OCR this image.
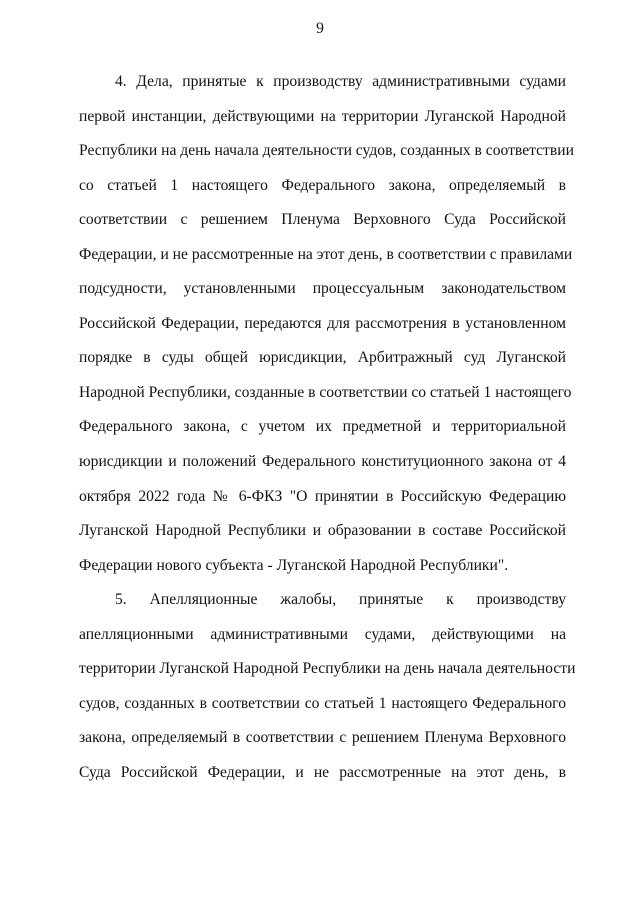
9
4. Дела, принятые к производству административными судами
первой инстанции, действующими на территории Луганской Народной
Республики на день начала деятельности судов, созданных в соответствии
со статьей 1 настоящего Федерального закона, определяемый в
соответствии с решением Пленума Верховного Суда Российской
Федерации, и не рассмотренные на этот день, в соответствии с правилами
подсудности, установленными процессуальным законодательством
Российской Федерации, передаются для рассмотрения в установленном
порядке в суды общей юрисдикции, Арбитражный суд Луганской
Народной Республики, созданные в соответствии со статьей 1 настоящего
Федерального закона, с учетом их предметной и территориальной
юрисдикции и положений Федерального конституционного закона от 4
октября 2022 года № 6-ФКЗ "О принятии в Российскую Федерацию
Луганской Народной Республики и образовании в составе Российской
Федерации нового субъекта - Луганской Народной Республики".
5. Апелляционные жалобы, принятые к производству
апелляционными административными судами, действующими на
территории Луганской Народной Республики на день начала деятельности
судов, созданных в соответствии со статьей 1 настоящего Федерального
закона, определяемый в соответствии с решением Пленума Верховного
Суда Российской Федерации, и не рассмотренные на этот день, в
